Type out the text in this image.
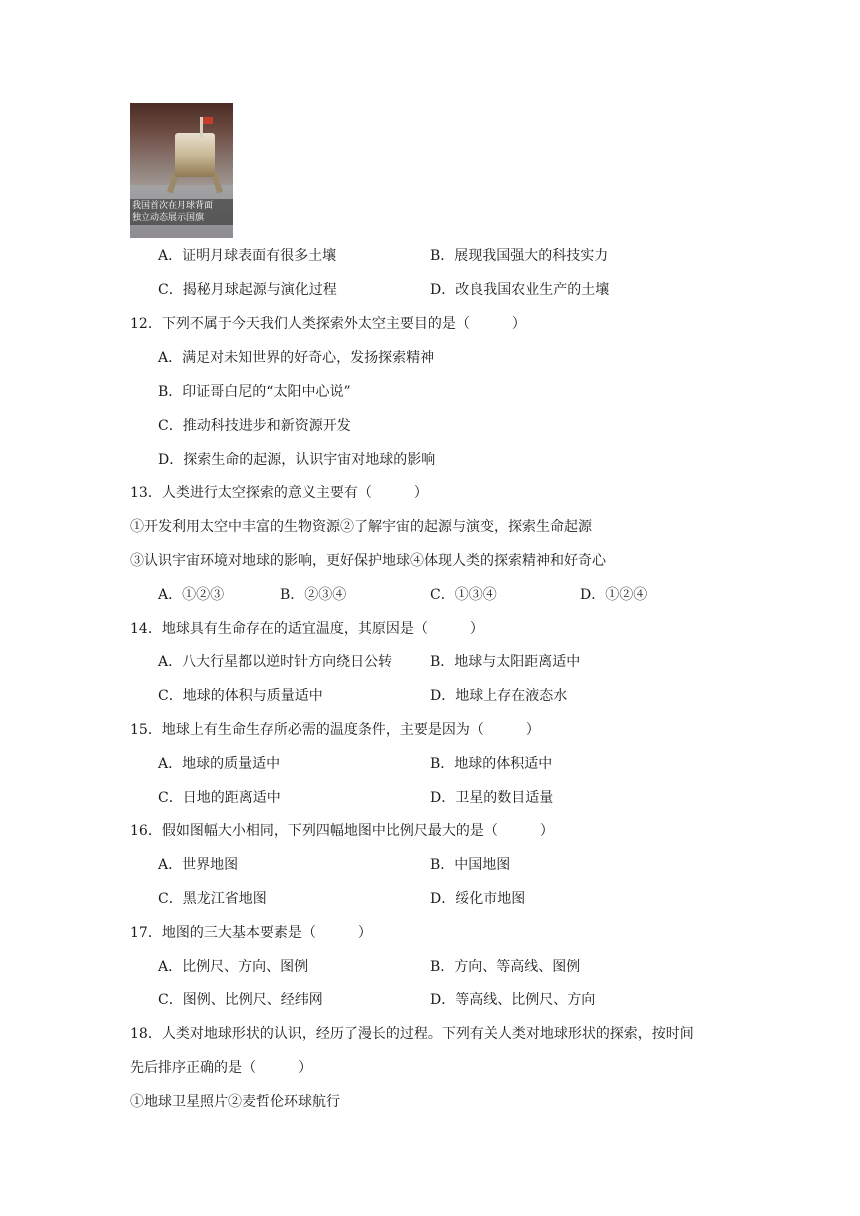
我国首次在月球背面
独立动态展示国旗
A．证明月球表面有很多土壤	B．展现我国强大的科技实力
C．揭秘月球起源与演化过程	D．改良我国农业生产的土壤
12．下列不属于今天我们人类探索外太空主要目的是（	）
A．满足对未知世界的好奇心，发扬探索精神
B．印证哥白尼的“太阳中心说”
C．推动科技进步和新资源开发
D．探索生命的起源，认识宇宙对地球的影响
13．人类进行太空探索的意义主要有（	）
①开发利用太空中丰富的生物资源②了解宇宙的起源与演变，探索生命起源
③认识宇宙环境对地球的影响，更好保护地球④体现人类的探索精神和好奇心
A．①②③	B．②③④	C．①③④	D．①②④
14．地球具有生命存在的适宜温度，其原因是（	）
A．八大行星都以逆时针方向绕日公转	B．地球与太阳距离适中
C．地球的体积与质量适中	D．地球上存在液态水
15．地球上有生命生存所必需的温度条件，主要是因为（	）
A．地球的质量适中	B．地球的体积适中
C．日地的距离适中	D．卫星的数目适量
16．假如图幅大小相同，下列四幅地图中比例尺最大的是（	）
A．世界地图	B．中国地图
C．黑龙江省地图	D．绥化市地图
17．地图的三大基本要素是（	）
A．比例尺、方向、图例	B．方向、等高线、图例
C．图例、比例尺、经纬网	D．等高线、比例尺、方向
18．人类对地球形状的认识，经历了漫长的过程。下列有关人类对地球形状的探索，按时间
先后排序正确的是（	）
①地球卫星照片②麦哲伦环球航行
